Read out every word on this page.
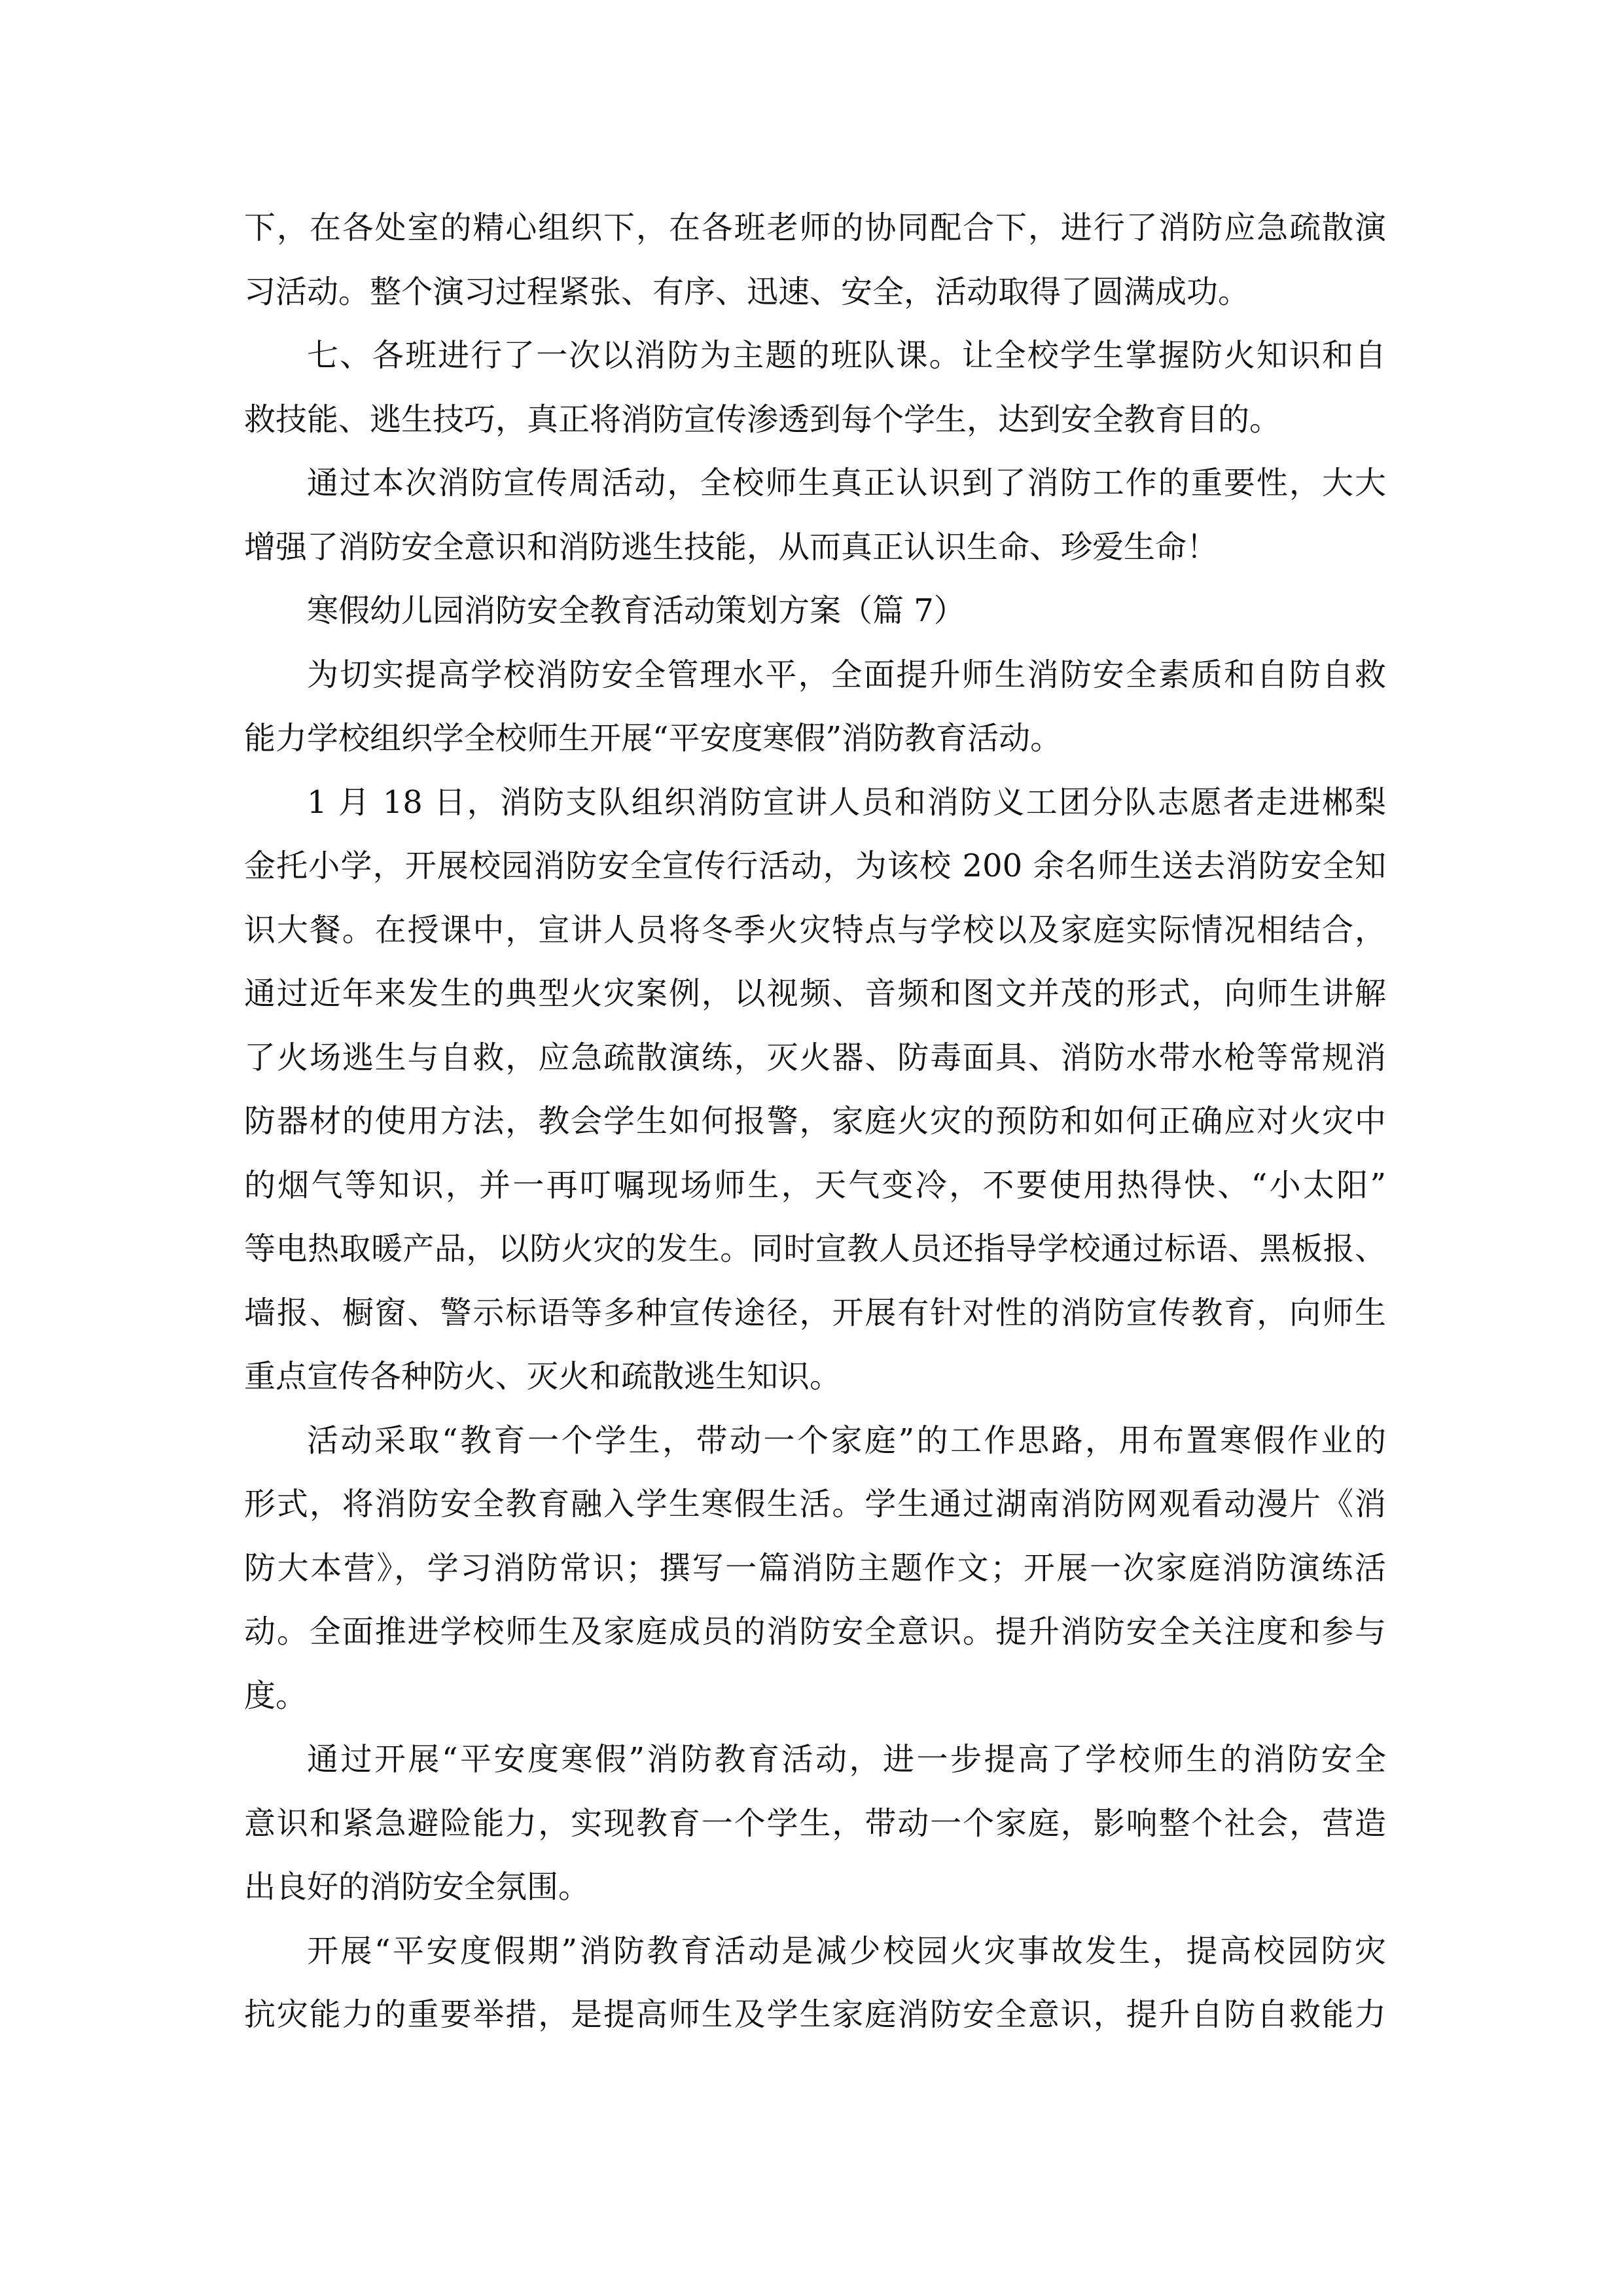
下，在各处室的精心组织下，在各班老师的协同配合下，进行了消防应急疏散演
习活动。整个演习过程紧张、有序、迅速、安全，活动取得了圆满成功。
七、各班进行了一次以消防为主题的班队课。让全校学生掌握防火知识和自
救技能、逃生技巧，真正将消防宣传渗透到每个学生，达到安全教育目的。
通过本次消防宣传周活动，全校师生真正认识到了消防工作的重要性，大大
增强了消防安全意识和消防逃生技能，从而真正认识生命、珍爱生命！
寒假幼儿园消防安全教育活动策划方案（篇 7）
为切实提高学校消防安全管理水平，全面提升师生消防安全素质和自防自救
能力学校组织学全校师生开展“平安度寒假”消防教育活动。
1 月 18 日，消防支队组织消防宣讲人员和消防义工团分队志愿者走进郴梨
金托小学，开展校园消防安全宣传行活动，为该校 200 余名师生送去消防安全知
识大餐。在授课中，宣讲人员将冬季火灾特点与学校以及家庭实际情况相结合，
通过近年来发生的典型火灾案例，以视频、音频和图文并茂的形式，向师生讲解
了火场逃生与自救，应急疏散演练，灭火器、防毒面具、消防水带水枪等常规消
防器材的使用方法，教会学生如何报警，家庭火灾的预防和如何正确应对火灾中
的烟气等知识，并一再叮嘱现场师生，天气变冷，不要使用热得快、“小太阳”
等电热取暖产品，以防火灾的发生。同时宣教人员还指导学校通过标语、黑板报、
墙报、橱窗、警示标语等多种宣传途径，开展有针对性的消防宣传教育，向师生
重点宣传各种防火、灭火和疏散逃生知识。
活动采取“教育一个学生，带动一个家庭”的工作思路，用布置寒假作业的
形式，将消防安全教育融入学生寒假生活。学生通过湖南消防网观看动漫片《消
防大本营》，学习消防常识；撰写一篇消防主题作文；开展一次家庭消防演练活
动。全面推进学校师生及家庭成员的消防安全意识。提升消防安全关注度和参与
度。
通过开展“平安度寒假”消防教育活动，进一步提高了学校师生的消防安全
意识和紧急避险能力，实现教育一个学生，带动一个家庭，影响整个社会，营造
出良好的消防安全氛围。
开展“平安度假期”消防教育活动是减少校园火灾事故发生，提高校园防灾
抗灾能力的重要举措，是提高师生及学生家庭消防安全意识，提升自防自救能力
